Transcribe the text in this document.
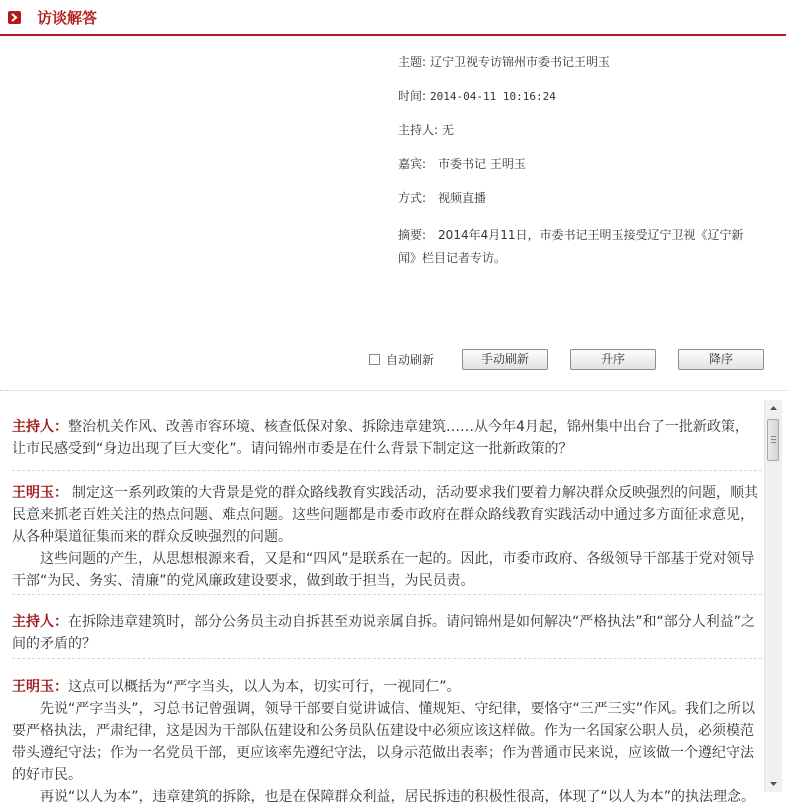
访谈解答
主题: 辽宁卫视专访锦州市委书记王明玉
时间: 2014-04-11 10:16:24
主持人: 无
嘉宾: 市委书记 王明玉
方式: 视频直播
摘要: 2014年4月11日，市委书记王明玉接受辽宁卫视《辽宁新闻》栏目记者专访。
自动刷新	手动刷新	升序	降序
主持人：整治机关作风、改善市容环境、核查低保对象、拆除违章建筑……从今年4月起，锦州集中出台了一批新政策，让市民感受到“身边出现了巨大变化”。请问锦州市委是在什么背景下制定这一批新政策的？
王明玉： 制定这一系列政策的大背景是党的群众路线教育实践活动，活动要求我们要着力解决群众反映强烈的问题，顺其民意来抓老百姓关注的热点问题、难点问题。这些问题都是市委市政府在群众路线教育实践活动中通过多方面征求意见，从各种渠道征集而来的群众反映强烈的问题。
这些问题的产生，从思想根源来看，又是和“四风”是联系在一起的。因此，市委市政府、各级领导干部基于党对领导干部“为民、务实、清廉”的党风廉政建设要求，做到敢于担当，为民员责。
主持人：在拆除违章建筑时，部分公务员主动自拆甚至劝说亲属自拆。请问锦州是如何解决“严格执法”和“部分人利益”之间的矛盾的？
王明玉：这点可以概括为“严字当头，以人为本，切实可行，一视同仁”。
先说“严字当头”，习总书记曾强调，领导干部要自觉讲诚信、懂规矩、守纪律，要恪守“三严三实”作风。我们之所以要严格执法，严肃纪律，这是因为干部队伍建设和公务员队伍建设中必须应该这样做。作为一名国家公职人员，必须模范带头遵纪守法；作为一名党员干部，更应该率先遵纪守法，以身示范做出表率；作为普通市民来说，应该做一个遵纪守法的好市民。
再说“以人为本”，违章建筑的拆除，也是在保障群众利益，居民拆违的积极性很高，体现了“以人为本”的执法理念。
